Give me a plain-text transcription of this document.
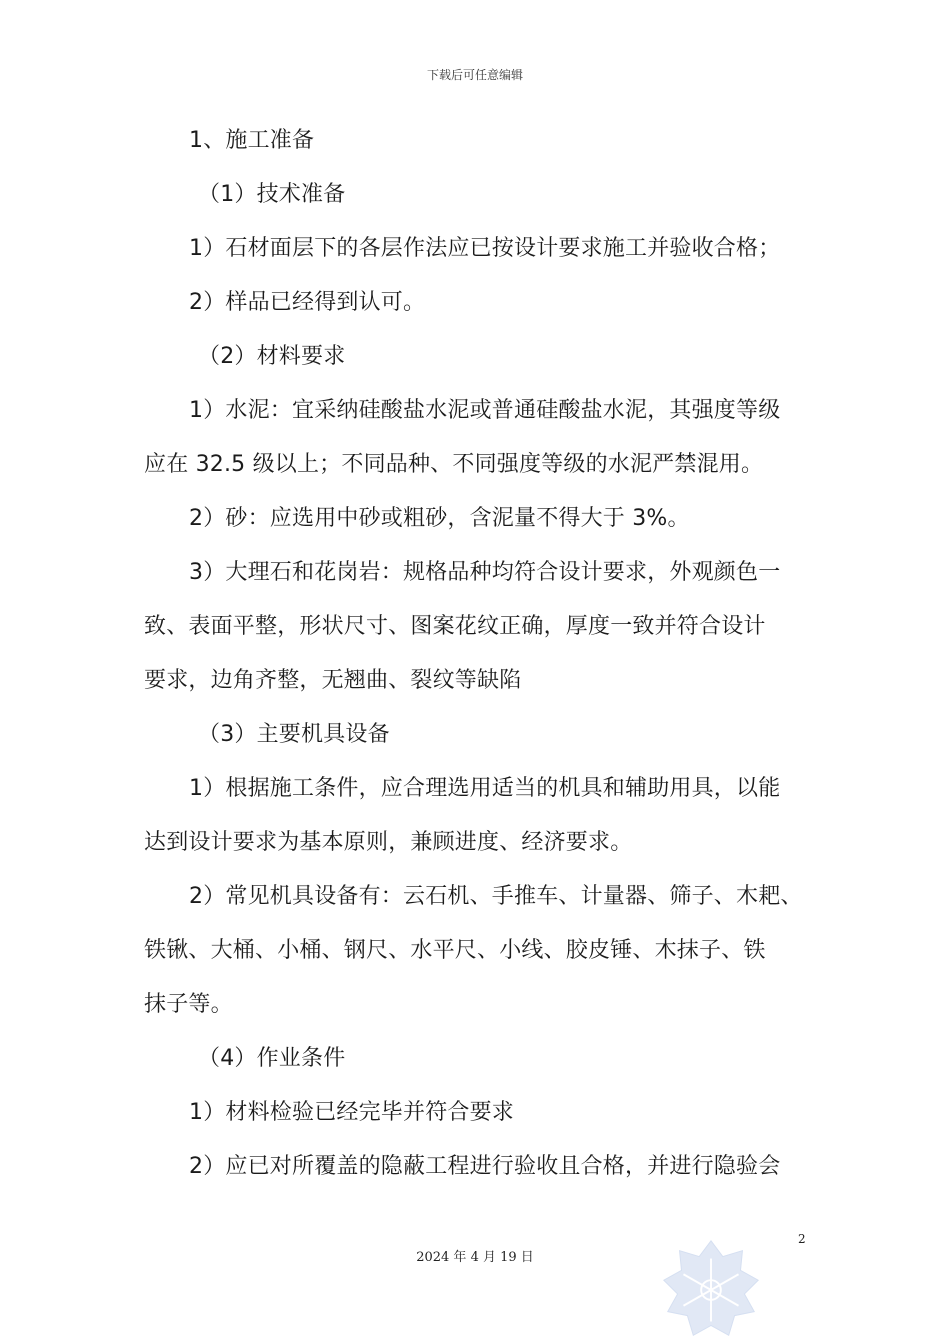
下载后可任意编辑
1、施工准备
（1）技术准备
1）石材面层下的各层作法应已按设计要求施工并验收合格；
2）样品已经得到认可。
（2）材料要求
1）水泥：宜采纳硅酸盐水泥或普通硅酸盐水泥，其强度等级
应在 32.5 级以上；不同品种、不同强度等级的水泥严禁混用。
2）砂：应选用中砂或粗砂，含泥量不得大于 3%。
3）大理石和花岗岩：规格品种均符合设计要求，外观颜色一
致、表面平整，形状尺寸、图案花纹正确，厚度一致并符合设计
要求，边角齐整，无翘曲、裂纹等缺陷
（3）主要机具设备
1）根据施工条件，应合理选用适当的机具和辅助用具，以能
达到设计要求为基本原则，兼顾进度、经济要求。
2）常见机具设备有：云石机、手推车、计量器、筛子、木耙、
铁锹、大桶、小桶、钢尺、水平尺、小线、胶皮锤、木抹子、铁
抹子等。
（4）作业条件
1）材料检验已经完毕并符合要求
2）应已对所覆盖的隐蔽工程进行验收且合格，并进行隐验会
2
2024 年 4 月 19 日
